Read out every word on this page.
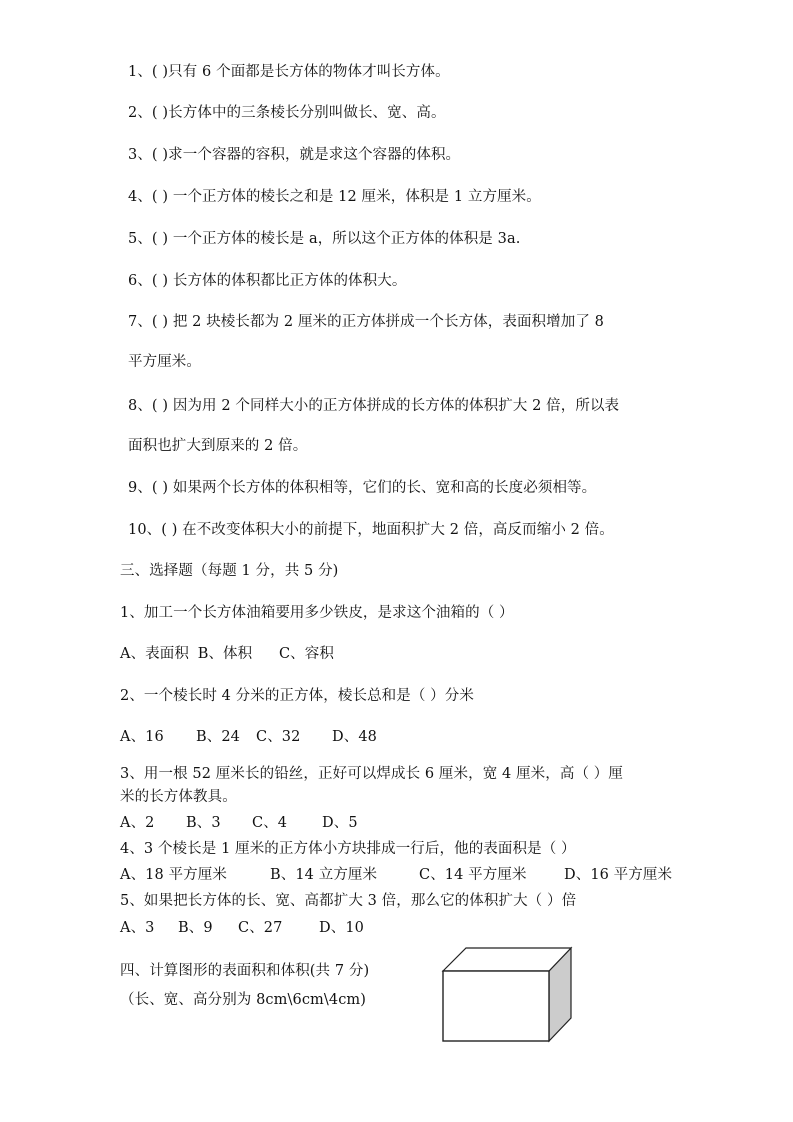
1、( )只有 6 个面都是长方体的物体才叫长方体。
2、( )长方体中的三条棱长分别叫做长、宽、高。
3、( )求一个容器的容积，就是求这个容器的体积。
4、( ) 一个正方体的棱长之和是 12 厘米，体积是 1 立方厘米。
5、( ) 一个正方体的棱长是 a，所以这个正方体的体积是 3a.
6、( ) 长方体的体积都比正方体的体积大。
7、( ) 把 2 块棱长都为 2 厘米的正方体拼成一个长方体，表面积增加了 8
平方厘米。
8、( ) 因为用 2 个同样大小的正方体拼成的长方体的体积扩大 2 倍，所以表
面积也扩大到原来的 2 倍。
9、( ) 如果两个长方体的体积相等，它们的长、宽和高的长度必须相等。
10、( ) 在不改变体积大小的前提下，地面积扩大 2 倍，高反而缩小 2 倍。
三、选择题（每题 1 分，共 5 分)
1、加工一个长方体油箱要用多少铁皮，是求这个油箱的（ ）
A、表面积 B、体积 C、容积
2、一个棱长时 4 分米的正方体，棱长总和是（ ）分米
A、16 B、24 C、32 D、48
3、用一根 52 厘米长的铅丝，正好可以焊成长 6 厘米，宽 4 厘米，高（ ）厘
米的长方体教具。
A、2 B、3 C、4 D、5
4、3 个棱长是 1 厘米的正方体小方块排成一行后，他的表面积是（ ）
A、18 平方厘米	B、14 立方厘米	C、14 平方厘米	D、16 平方厘米
5、如果把长方体的长、宽、高都扩大 3 倍，那么它的体积扩大（ ）倍
A、3 B、9 C、27	D、10
四、计算图形的表面积和体积(共 7 分)
（长、宽、高分别为 8cm\6cm\4cm)
